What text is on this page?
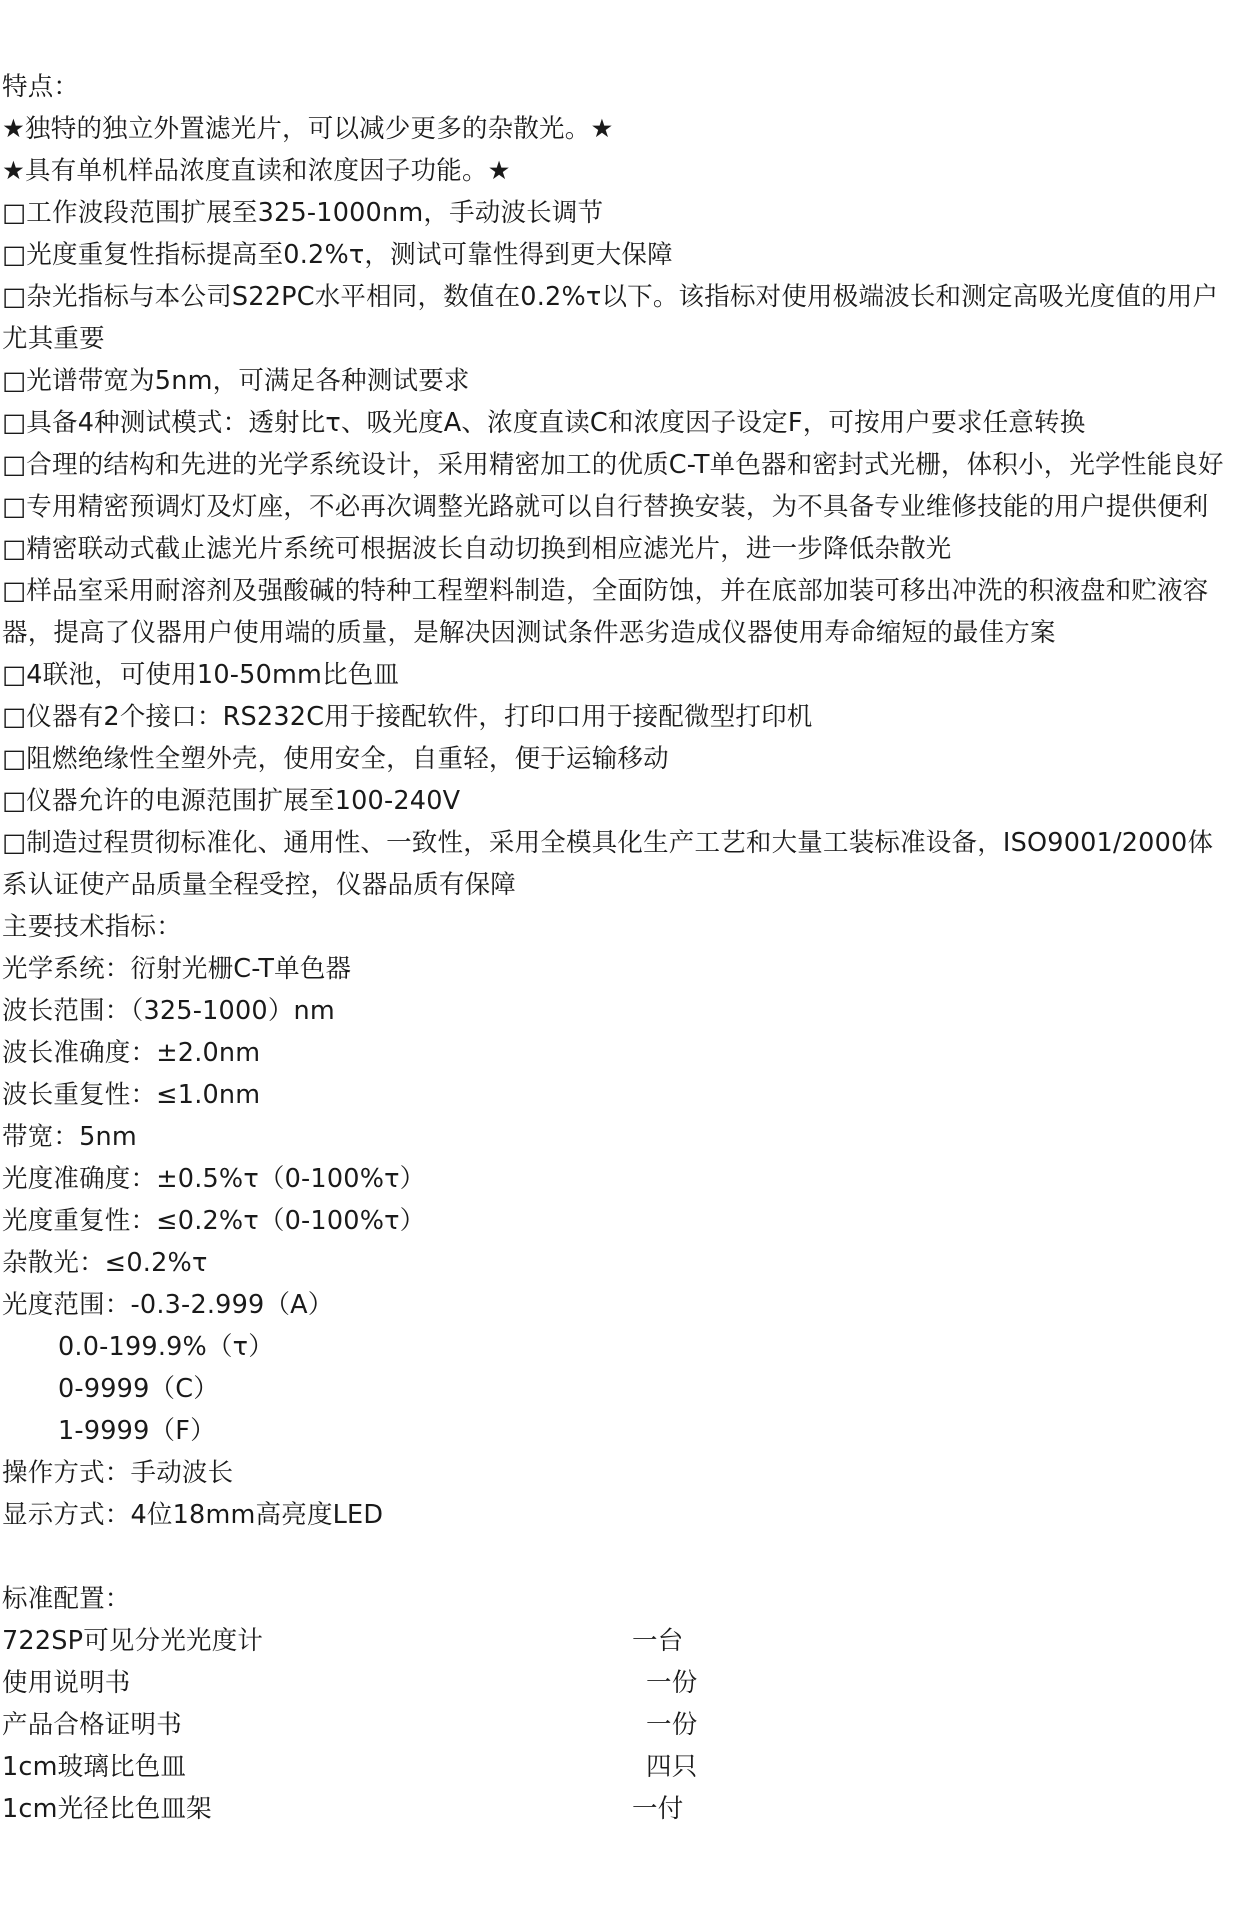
特点：
★独特的独立外置滤光片，可以减少更多的杂散光。★
★具有单机样品浓度直读和浓度因子功能。★
□工作波段范围扩展至325-1000nm，手动波长调节
□光度重复性指标提高至0.2%τ，测试可靠性得到更大保障
□杂光指标与本公司S22PC水平相同，数值在0.2%τ以下。该指标对使用极端波长和测定高吸光度值的用户尤其重要
□光谱带宽为5nm，可满足各种测试要求
□具备4种测试模式：透射比τ、吸光度A、浓度直读C和浓度因子设定F，可按用户要求任意转换
□合理的结构和先进的光学系统设计，采用精密加工的优质C-T单色器和密封式光栅，体积小，光学性能良好
□专用精密预调灯及灯座，不必再次调整光路就可以自行替换安装，为不具备专业维修技能的用户提供便利
□精密联动式截止滤光片系统可根据波长自动切换到相应滤光片，进一步降低杂散光
□样品室采用耐溶剂及强酸碱的特种工程塑料制造，全面防蚀，并在底部加装可移出冲洗的积液盘和贮液容器，提高了仪器用户使用端的质量，是解决因测试条件恶劣造成仪器使用寿命缩短的最佳方案
□4联池，可使用10-50mm比色皿
□仪器有2个接口：RS232C用于接配软件，打印口用于接配微型打印机
□阻燃绝缘性全塑外壳，使用安全，自重轻，便于运输移动
□仪器允许的电源范围扩展至100-240V
□制造过程贯彻标准化、通用性、一致性，采用全模具化生产工艺和大量工装标准设备，ISO9001/2000体系认证使产品质量全程受控，仪器品质有保障
主要技术指标：
光学系统：衍射光栅C-T单色器
波长范围：（325-1000）nm
波长准确度：±2.0nm
波长重复性：≤1.0nm
带宽：5nm
光度准确度：±0.5%τ（0-100%τ）
光度重复性：≤0.2%τ（0-100%τ）
杂散光：≤0.2%τ
光度范围：-0.3-2.999（A）
0.0-199.9%（τ）
0-9999（C）
1-9999（F）
操作方式：手动波长
显示方式：4位18mm高亮度LED
标准配置：
722SP可见分光光度计	一台
使用说明书	一份
产品合格证明书	一份
1cm玻璃比色皿	四只
1cm光径比色皿架	一付
